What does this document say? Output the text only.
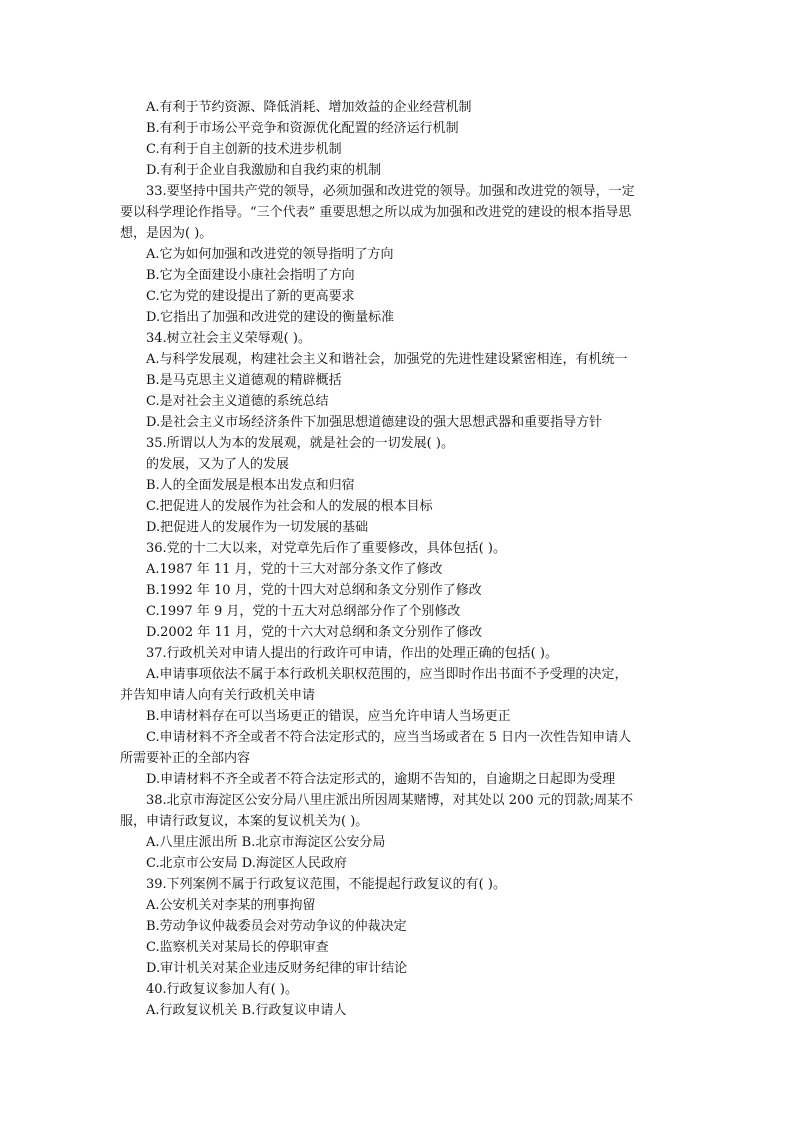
A.有利于节约资源、降低消耗、增加效益的企业经营机制
B.有利于市场公平竞争和资源优化配置的经济运行机制
C.有利于自主创新的技术进步机制
D.有利于企业自我激励和自我约束的机制
33.要坚持中国共产党的领导，必须加强和改进党的领导。加强和改进党的领导，一定
要以科学理论作指导。“三个代表” 重要思想之所以成为加强和改进党的建设的根本指导思
想，是因为( )。
A.它为如何加强和改进党的领导指明了方向
B.它为全面建设小康社会指明了方向
C.它为党的建设提出了新的更高要求
D.它指出了加强和改进党的建设的衡量标准
34.树立社会主义荣辱观( )。
A.与科学发展观，构建社会主义和谐社会，加强党的先进性建设紧密相连，有机统一
B.是马克思主义道德观的精辟概括
C.是对社会主义道德的系统总结
D.是社会主义市场经济条件下加强思想道德建设的强大思想武器和重要指导方针
35.所谓以人为本的发展观，就是社会的一切发展( )。
的发展，又为了人的发展
B.人的全面发展是根本出发点和归宿
C.把促进人的发展作为社会和人的发展的根本目标
D.把促进人的发展作为一切发展的基础
36.党的十二大以来，对党章先后作了重要修改，具体包括( )。
A.1987 年 11 月，党的十三大对部分条文作了修改
B.1992 年 10 月，党的十四大对总纲和条文分别作了修改
C.1997 年 9 月，党的十五大对总纲部分作了个别修改
D.2002 年 11 月，党的十六大对总纲和条文分别作了修改
37.行政机关对申请人提出的行政许可申请，作出的处理正确的包括( )。
A.申请事项依法不属于本行政机关职权范围的，应当即时作出书面不予受理的决定，
并告知申请人向有关行政机关申请
B.申请材料存在可以当场更正的错误，应当允许申请人当场更正
C.申请材料不齐全或者不符合法定形式的，应当当场或者在 5 日内一次性告知申请人
所需要补正的全部内容
D.申请材料不齐全或者不符合法定形式的，逾期不告知的，自逾期之日起即为受理
38.北京市海淀区公安分局八里庄派出所因周某赌博，对其处以 200 元的罚款;周某不
服，申请行政复议，本案的复议机关为( )。
A.八里庄派出所 B.北京市海淀区公安分局
C.北京市公安局 D.海淀区人民政府
39.下列案例不属于行政复议范围，不能提起行政复议的有( )。
A.公安机关对李某的刑事拘留
B.劳动争议仲裁委员会对劳动争议的仲裁决定
C.监察机关对某局长的停职审查
D.审计机关对某企业违反财务纪律的审计结论
40.行政复议参加人有( )。
A.行政复议机关 B.行政复议申请人
